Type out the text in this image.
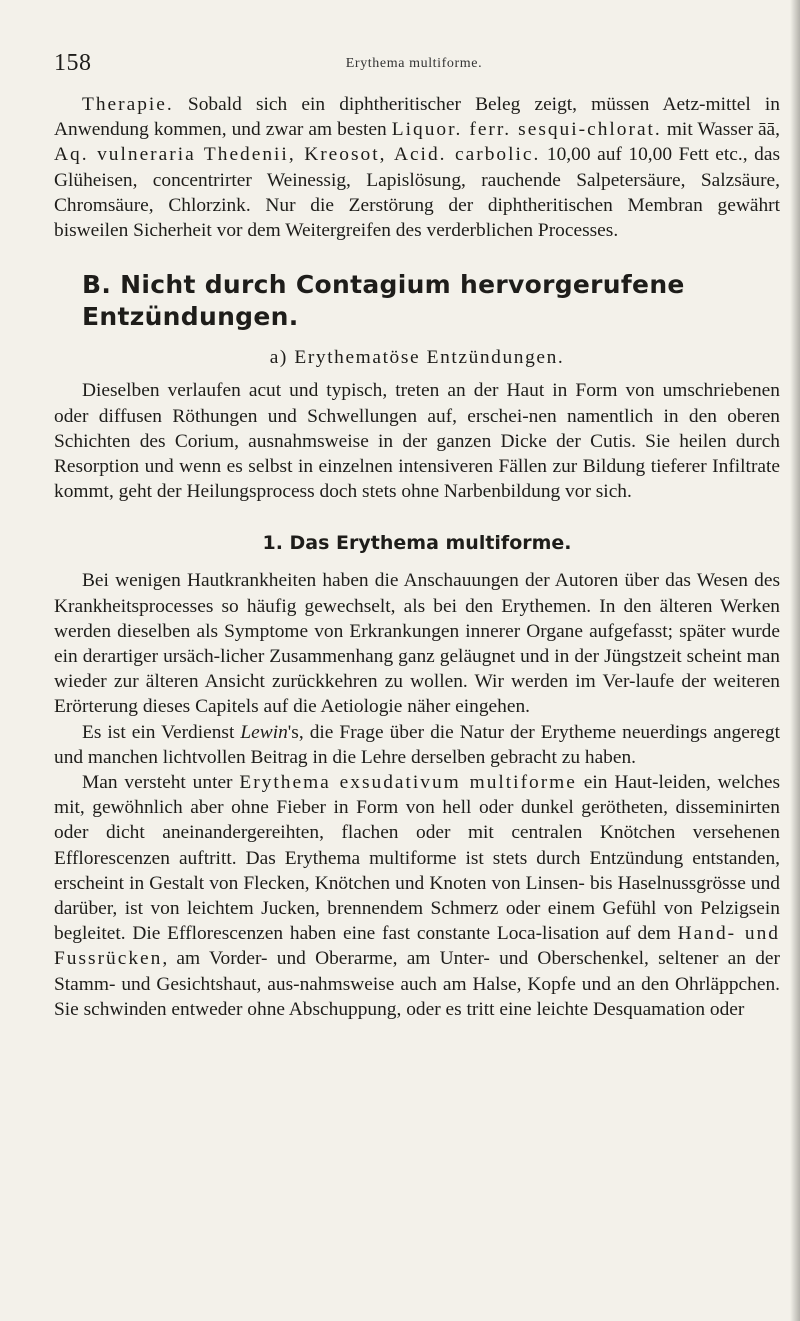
158	Erythema multiforme.

Therapie. Sobald sich ein diphtheritischer Beleg zeigt, müssen Aetz-mittel in Anwendung kommen, und zwar am besten Liquor. ferr. sesqui-chlorat. mit Wasser āā, Aq. vulneraria Thedenii, Kreosot, Acid. carbolic. 10,00 auf 10,00 Fett etc., das Glüheisen, concentrirter Weinessig, Lapislösung, rauchende Salpetersäure, Salzsäure, Chromsäure, Chlorzink. Nur die Zerstörung der diphtheritischen Membran gewährt bisweilen Sicherheit vor dem Weitergreifen des verderblichen Processes.

B. Nicht durch Contagium hervorgerufene Entzündungen.
a) Erythematöse Entzündungen.

Dieselben verlaufen acut und typisch, treten an der Haut in Form von umschriebenen oder diffusen Röthungen und Schwellungen auf, erschei-nen namentlich in den oberen Schichten des Corium, ausnahmsweise in der ganzen Dicke der Cutis. Sie heilen durch Resorption und wenn es selbst in einzelnen intensiveren Fällen zur Bildung tieferer Infiltrate kommt, geht der Heilungsprocess doch stets ohne Narbenbildung vor sich.

1. Das Erythema multiforme.

Bei wenigen Hautkrankheiten haben die Anschauungen der Autoren über das Wesen des Krankheitsprocesses so häufig gewechselt, als bei den Erythemen. In den älteren Werken werden dieselben als Symptome von Erkrankungen innerer Organe aufgefasst; später wurde ein derartiger ursäch-licher Zusammenhang ganz geläugnet und in der Jüngstzeit scheint man wieder zur älteren Ansicht zurückkehren zu wollen. Wir werden im Ver-laufe der weiteren Erörterung dieses Capitels auf die Aetiologie näher eingehen.

Es ist ein Verdienst Lewin's, die Frage über die Natur der Erytheme neuerdings angeregt und manchen lichtvollen Beitrag in die Lehre derselben gebracht zu haben.

Man versteht unter Erythema exsudativum multiforme ein Haut-leiden, welches mit, gewöhnlich aber ohne Fieber in Form von hell oder dunkel gerötheten, disseminirten oder dicht aneinandergereihten, flachen oder mit centralen Knötchen versehenen Efflorescenzen auftritt. Das Erythema multiforme ist stets durch Entzündung entstanden, erscheint in Gestalt von Flecken, Knötchen und Knoten von Linsen- bis Haselnussgrösse und darüber, ist von leichtem Jucken, brennendem Schmerz oder einem Gefühl von Pelzigsein begleitet. Die Efflorescenzen haben eine fast constante Loca-lisation auf dem Hand- und Fussrücken, am Vorder- und Oberarme, am Unter- und Oberschenkel, seltener an der Stamm- und Gesichtshaut, aus-nahmsweise auch am Halse, Kopfe und an den Ohrläppchen. Sie schwinden entweder ohne Abschuppung, oder es tritt eine leichte Desquamation oder
